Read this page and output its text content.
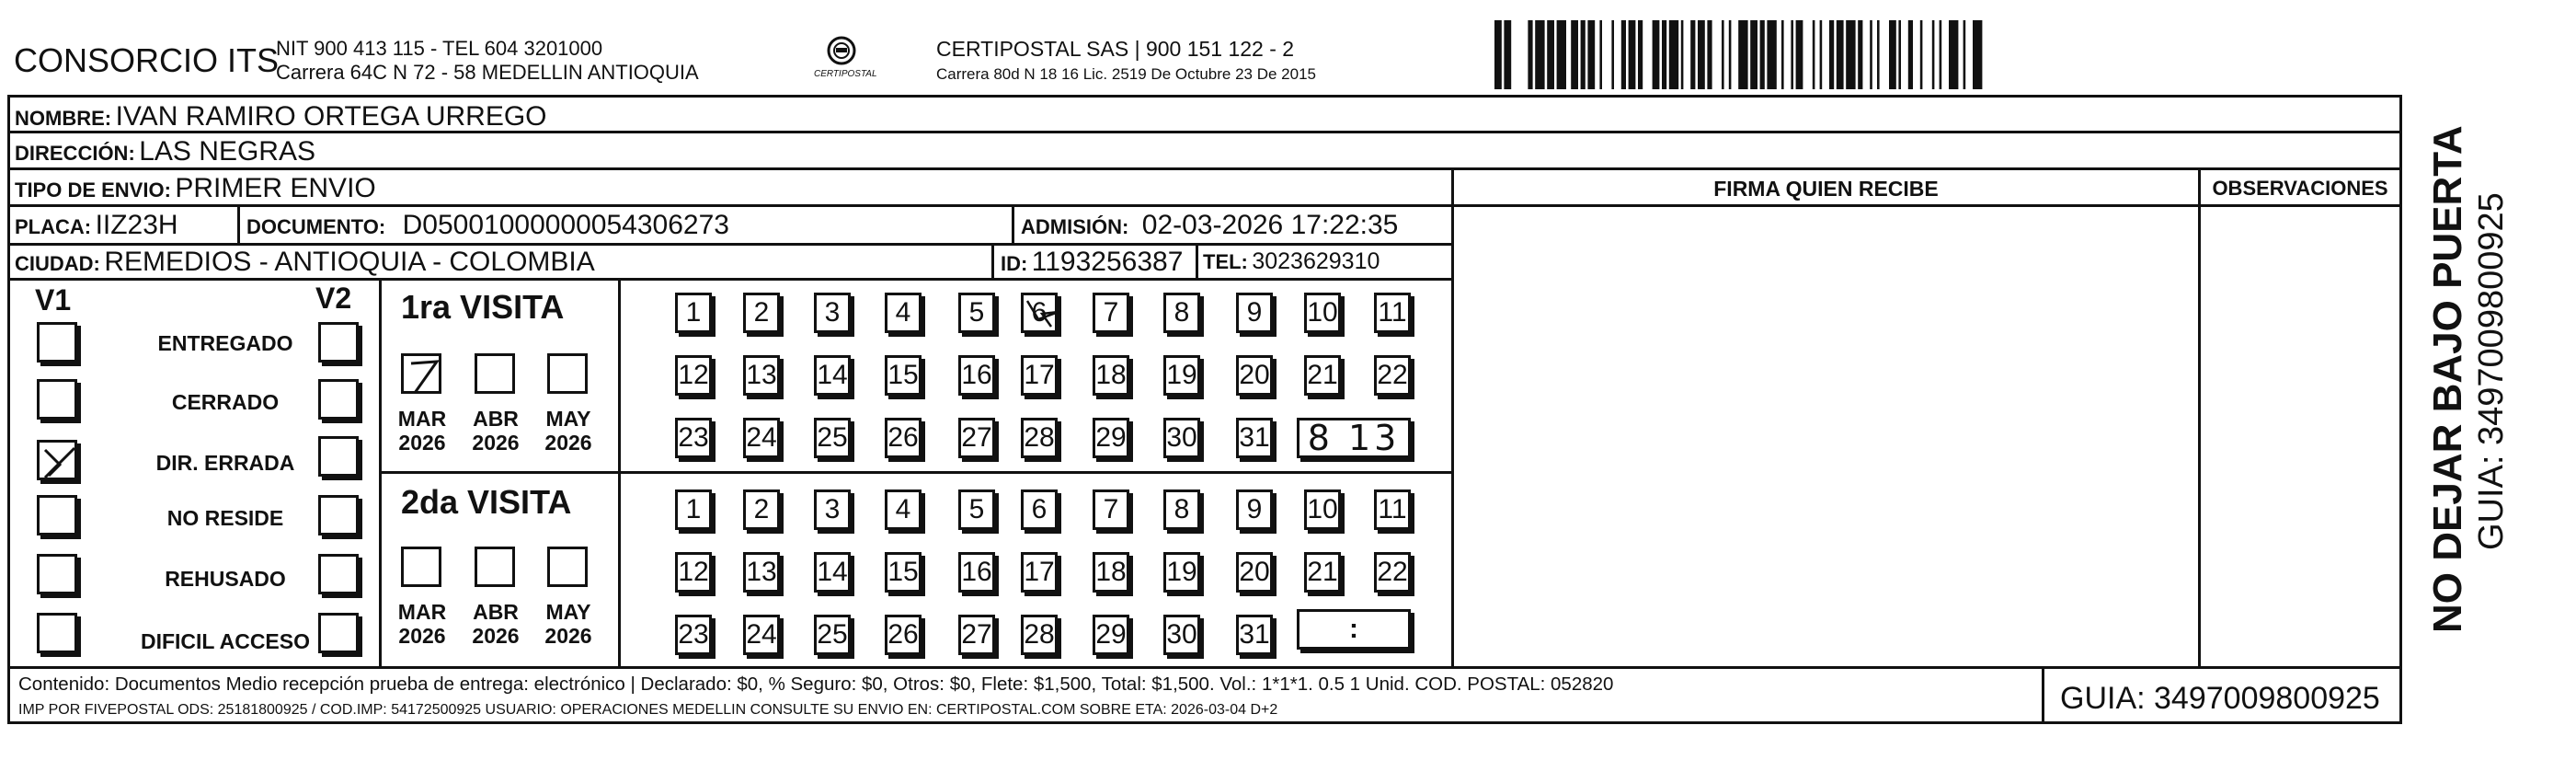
CONSORCIO ITS
NIT 900 413 115 - TEL 604 3201000
Carrera 64C N 72 - 58 MEDELLIN ANTIOQUIA	CERTIPOSTAL
CERTIPOSTAL SAS | 900 151 122 - 2
Carrera 80d N 18 16 Lic. 2519 De Octubre 23 De 2015
NOMBRE: IVAN RAMIRO ORTEGA URREGO
DIRECCIÓN: LAS NEGRAS
TIPO DE ENVIO: PRIMER ENVIO
PLACA: IIZ23H	DOCUMENTO: D05001000000054306273	ADMISIÓN: 02-03-2026 17:22:35
CIUDAD: REMEDIOS - ANTIOQUIA - COLOMBIA	ID: 1193256387 TEL: 3023629310
FIRMA QUIEN RECIBE	OBSERVACIONES
V1	V2
ENTREGADO
CERRADO
DIR. ERRADA
NO RESIDE
REHUSADO
DIFICIL ACCESO
1ra VISITA
MAR
2026
ABR
2026
MAY
2026
1 2 3 4 5 6 7 8 9 10 11
12 13 14 15 16 17 18 19 20 21 22
23 24 25 26 27 28 29 30 31 8 13
2da VISITA
MAR
2026
ABR
2026
MAY
2026
1 2 3 4 5 6 7 8 9 10 11
12 13 14 15 16 17 18 19 20 21 22
23 24 25 26 27 28 29 30 31	:
Contenido: Documentos Medio recepción prueba de entrega: electrónico | Declarado: $0, % Seguro: $0, Otros: $0, Flete: $1,500, Total: $1,500. Vol.: 1*1*1. 0.5 1 Unid. COD. POSTAL: 052820
IMP POR FIVEPOSTAL ODS: 25181800925 / COD.IMP: 54172500925 USUARIO: OPERACIONES MEDELLIN CONSULTE SU ENVIO EN: CERTIPOSTAL.COM SOBRE ETA: 2026-03-04 D+2	GUIA: 3497009800925
NO DEJAR BAJO PUERTA GUIA: 3497009800925
